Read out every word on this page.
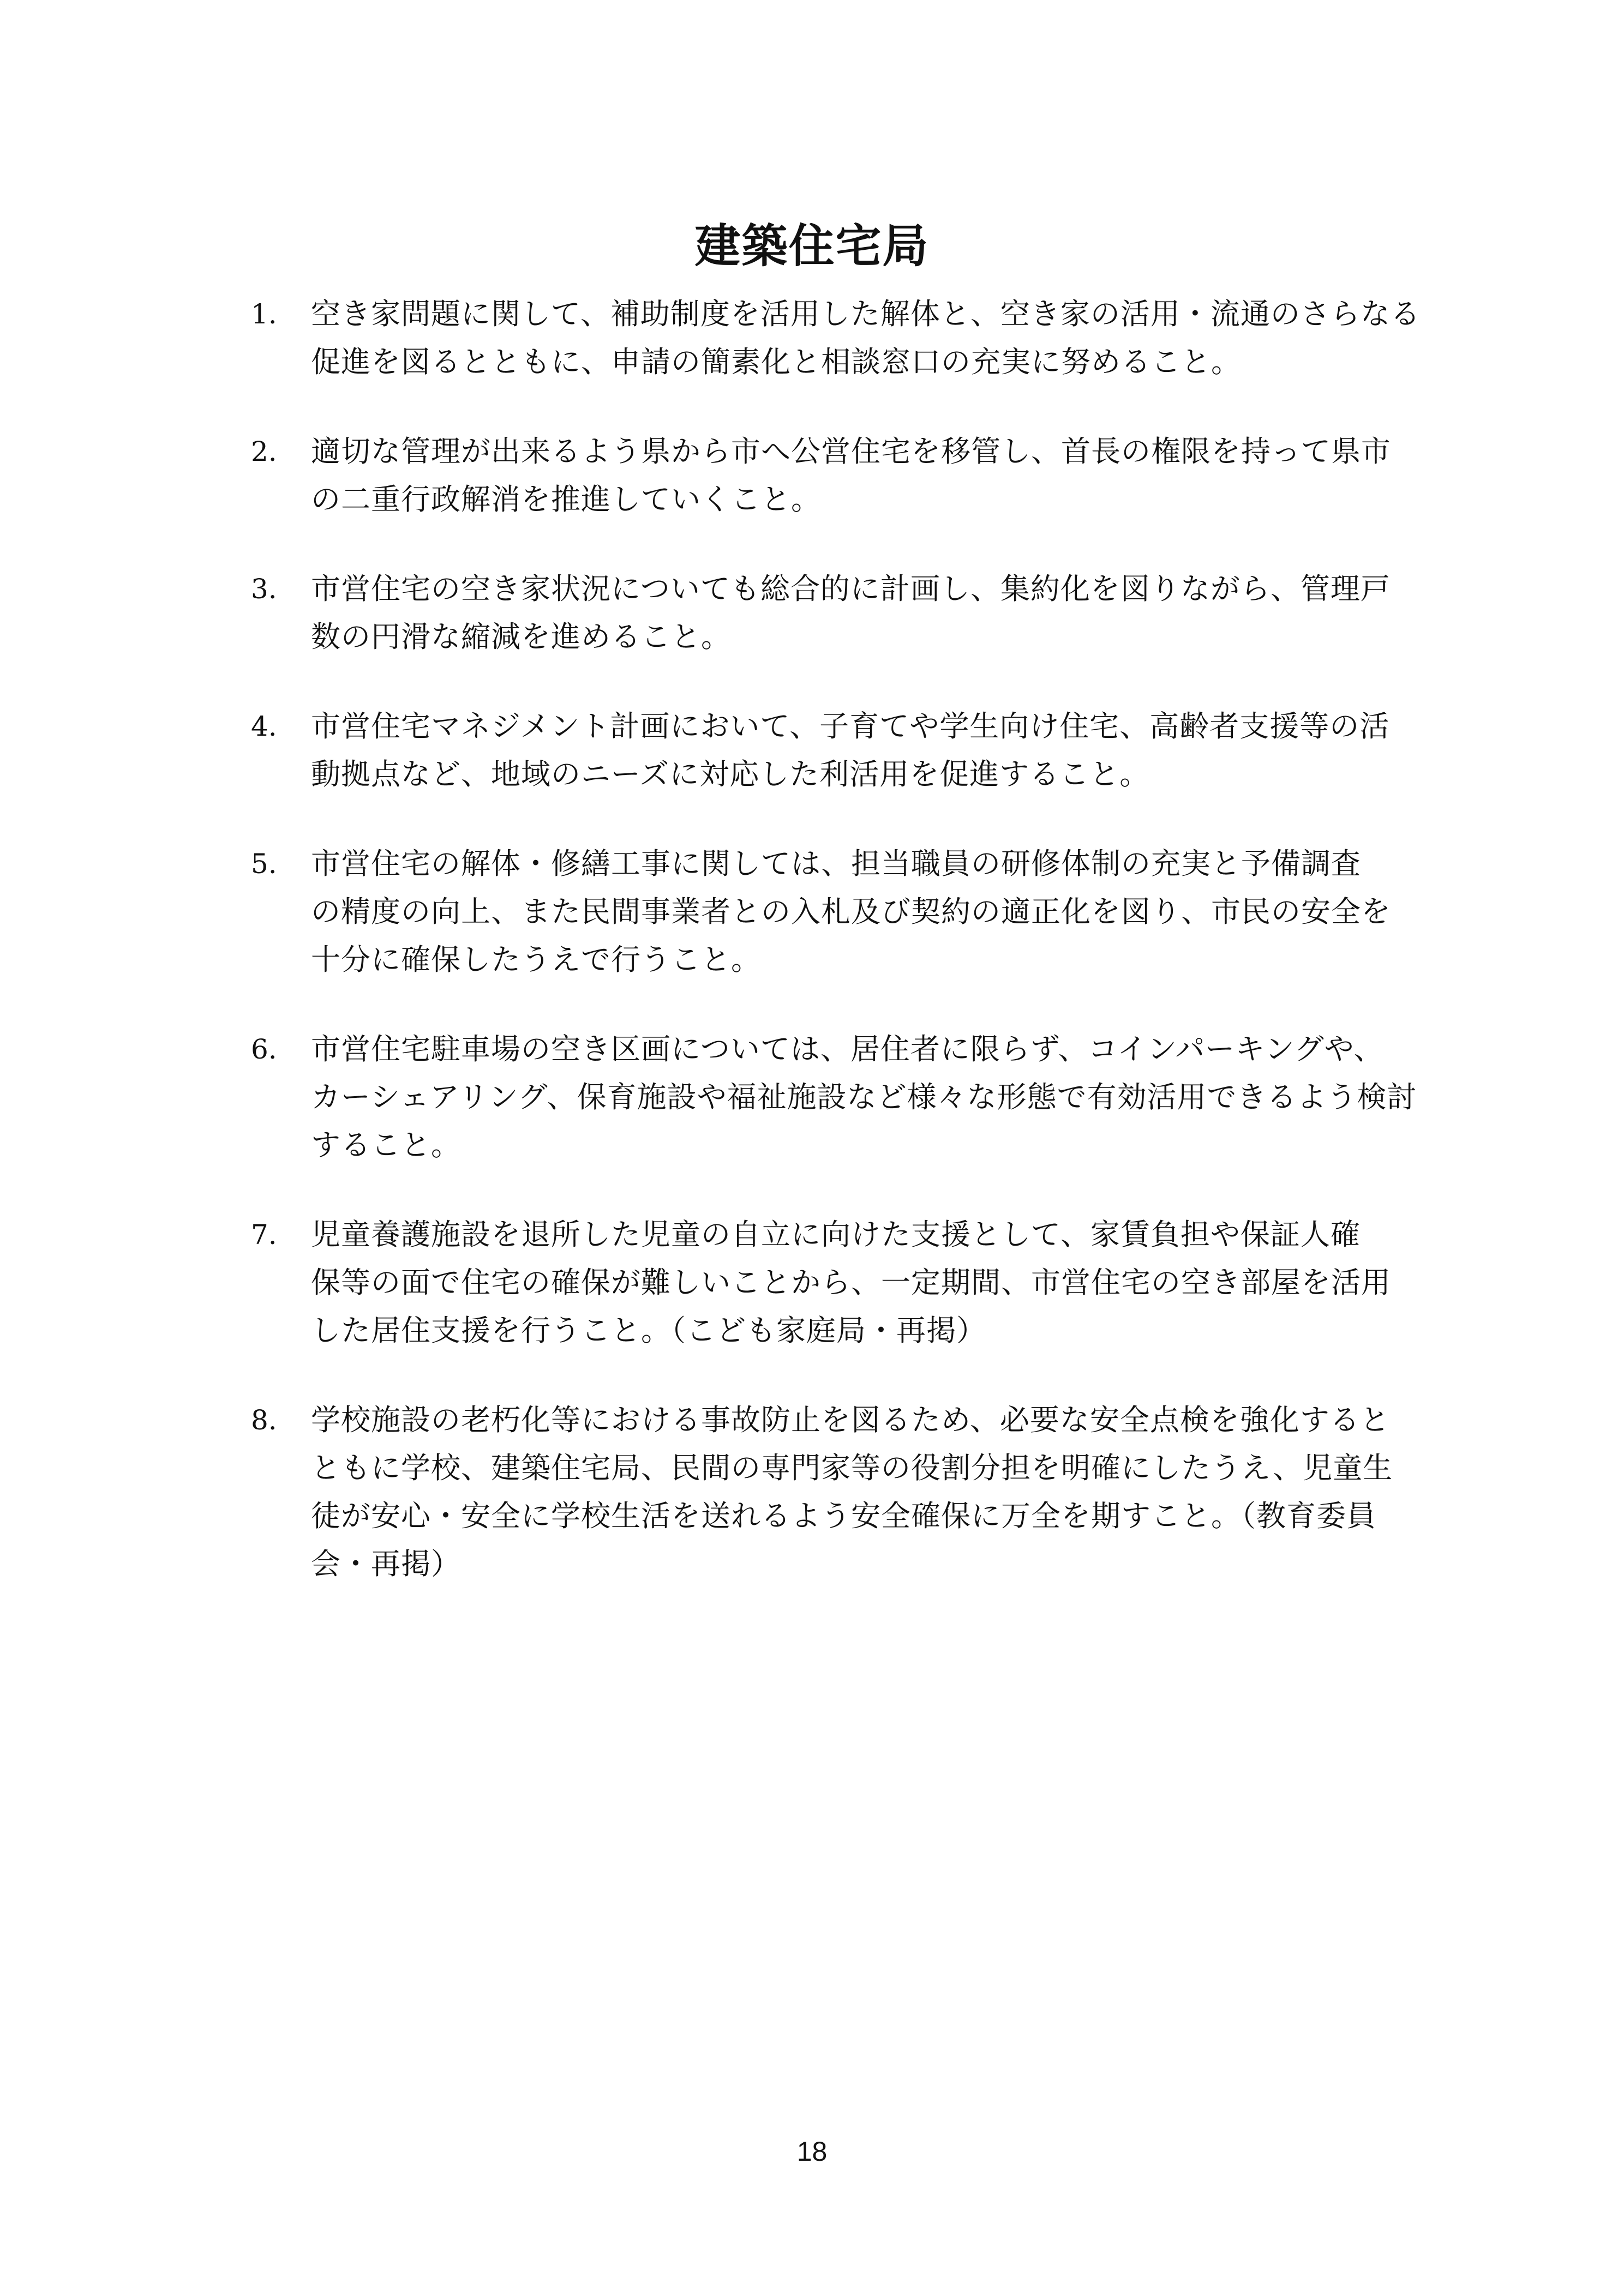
建築住宅局
1.	空き家問題に関して、補助制度を活用した解体と、空き家の活用・流通のさらなる
促進を図るとともに、申請の簡素化と相談窓口の充実に努めること。
2.	適切な管理が出来るよう県から市へ公営住宅を移管し、首長の権限を持って県市
の二重行政解消を推進していくこと。
3.	市営住宅の空き家状況についても総合的に計画し、集約化を図りながら、管理戸
数の円滑な縮減を進めること。
4.	市営住宅マネジメント計画において、子育てや学生向け住宅、高齢者支援等の活
動拠点など、地域のニーズに対応した利活用を促進すること。
5.	市営住宅の解体・修繕工事に関しては、担当職員の研修体制の充実と予備調査
の精度の向上、また民間事業者との入札及び契約の適正化を図り、市民の安全を
十分に確保したうえで行うこと。
6.	市営住宅駐車場の空き区画については、居住者に限らず、コインパーキングや、
カーシェアリング、保育施設や福祉施設など様々な形態で有効活用できるよう検討
すること。
7.	児童養護施設を退所した児童の自立に向けた支援として、家賃負担や保証人確
保等の面で住宅の確保が難しいことから、一定期間、市営住宅の空き部屋を活用
した居住支援を行うこと。（こども家庭局・再掲）
8.	学校施設の老朽化等における事故防止を図るため、必要な安全点検を強化すると
ともに学校、建築住宅局、民間の専門家等の役割分担を明確にしたうえ、児童生
徒が安心・安全に学校生活を送れるよう安全確保に万全を期すこと。（教育委員
会・再掲）
18
